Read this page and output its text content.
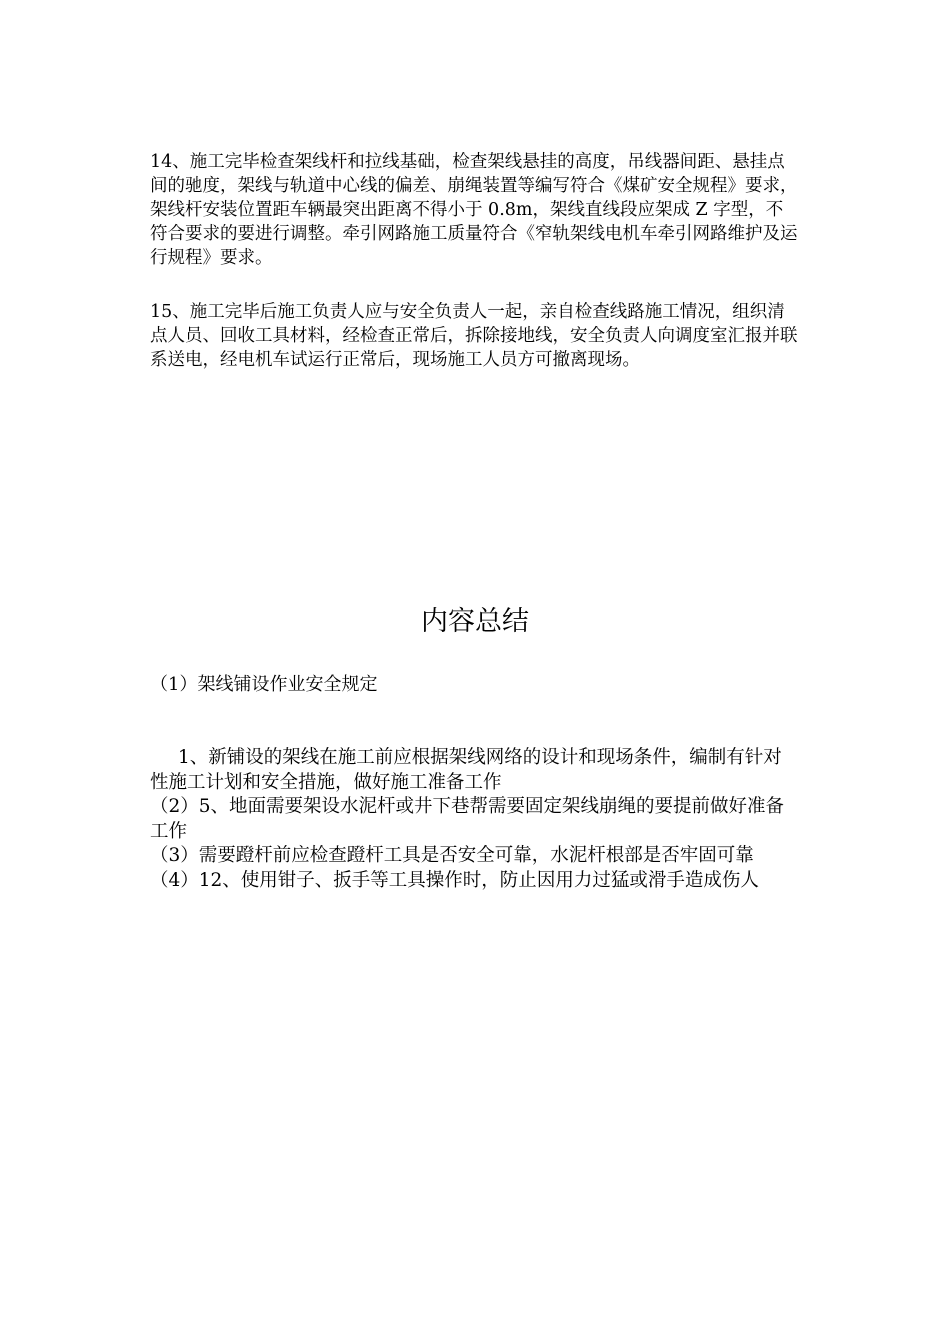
14、施工完毕检查架线杆和拉线基础，检查架线悬挂的高度，吊线器间距、悬挂点间的驰度，架线与轨道中心线的偏差、崩绳装置等编写符合《煤矿安全规程》要求，架线杆安装位置距车辆最突出距离不得小于 0.8m，架线直线段应架成 Z 字型，不符合要求的要进行调整。牵引网路施工质量符合《窄轨架线电机车牵引网路维护及运行规程》要求。

15、施工完毕后施工负责人应与安全负责人一起，亲自检查线路施工情况，组织清点人员、回收工具材料，经检查正常后，拆除接地线，安全负责人向调度室汇报并联系送电，经电机车试运行正常后，现场施工人员方可撤离现场。

内容总结

（1）架线铺设作业安全规定

1、新铺设的架线在施工前应根据架线网络的设计和现场条件，编制有针对性施工计划和安全措施，做好施工准备工作

（2）5、地面需要架设水泥杆或井下巷帮需要固定架线崩绳的要提前做好准备工作

（3）需要蹬杆前应检查蹬杆工具是否安全可靠，水泥杆根部是否牢固可靠

（4）12、使用钳子、扳手等工具操作时，防止因用力过猛或滑手造成伤人
